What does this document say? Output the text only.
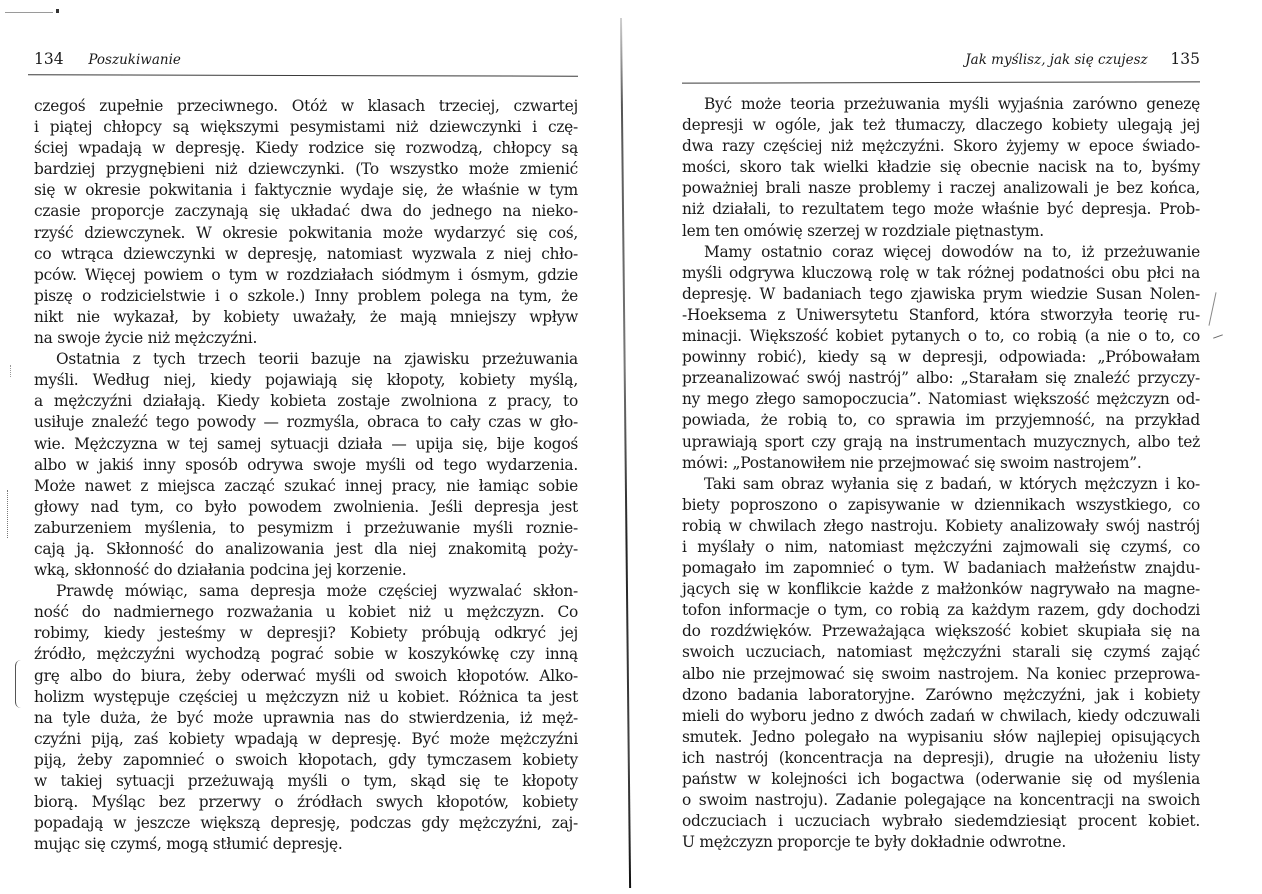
134 Poszukiwanie
czegoś zupełnie przeciwnego. Otóż w klasach trzeciej, czwartej
i piątej chłopcy są większymi pesymistami niż dziewczynki i czę-
ściej wpadają w depresję. Kiedy rodzice się rozwodzą, chłopcy są
bardziej przygnębieni niż dziewczynki. (To wszystko może zmienić
się w okresie pokwitania i faktycznie wydaje się, że właśnie w tym
czasie proporcje zaczynają się układać dwa do jednego na nieko-
rzyść dziewczynek. W okresie pokwitania może wydarzyć się coś,
co wtrąca dziewczynki w depresję, natomiast wyzwala z niej chło-
pców. Więcej powiem o tym w rozdziałach siódmym i ósmym, gdzie
piszę o rodzicielstwie i o szkole.) Inny problem polega na tym, że
nikt nie wykazał, by kobiety uważały, że mają mniejszy wpływ
na swoje życie niż mężczyźni.
Ostatnia z tych trzech teorii bazuje na zjawisku przeżuwania
myśli. Według niej, kiedy pojawiają się kłopoty, kobiety myślą,
a mężczyźni działają. Kiedy kobieta zostaje zwolniona z pracy, to
usiłuje znaleźć tego powody — rozmyśla, obraca to cały czas w gło-
wie. Mężczyzna w tej samej sytuacji działa — upija się, bije kogoś
albo w jakiś inny sposób odrywa swoje myśli od tego wydarzenia.
Może nawet z miejsca zacząć szukać innej pracy, nie łamiąc sobie
głowy nad tym, co było powodem zwolnienia. Jeśli depresja jest
zaburzeniem myślenia, to pesymizm i przeżuwanie myśli roznie-
cają ją. Skłonność do analizowania jest dla niej znakomitą poży-
wką, skłonność do działania podcina jej korzenie.
Prawdę mówiąc, sama depresja może częściej wyzwalać skłon-
ność do nadmiernego rozważania u kobiet niż u mężczyzn. Co
robimy, kiedy jesteśmy w depresji? Kobiety próbują odkryć jej
źródło, mężczyźni wychodzą pograć sobie w koszykówkę czy inną
grę albo do biura, żeby oderwać myśli od swoich kłopotów. Alko-
holizm występuje częściej u mężczyzn niż u kobiet. Różnica ta jest
na tyle duża, że być może uprawnia nas do stwierdzenia, iż męż-
czyźni piją, zaś kobiety wpadają w depresję. Być może mężczyźni
piją, żeby zapomnieć o swoich kłopotach, gdy tymczasem kobiety
w takiej sytuacji przeżuwają myśli o tym, skąd się te kłopoty
biorą. Myśląc bez przerwy o źródłach swych kłopotów, kobiety
popadają w jeszcze większą depresję, podczas gdy mężczyźni, zaj-
mując się czymś, mogą stłumić depresję.
Jak myślisz, jak się czujesz 135
Być może teoria przeżuwania myśli wyjaśnia zarówno genezę
depresji w ogóle, jak też tłumaczy, dlaczego kobiety ulegają jej
dwa razy częściej niż mężczyźni. Skoro żyjemy w epoce świado-
mości, skoro tak wielki kładzie się obecnie nacisk na to, byśmy
poważniej brali nasze problemy i raczej analizowali je bez końca,
niż działali, to rezultatem tego może właśnie być depresja. Prob-
lem ten omówię szerzej w rozdziale piętnastym.
Mamy ostatnio coraz więcej dowodów na to, iż przeżuwanie
myśli odgrywa kluczową rolę w tak różnej podatności obu płci na
depresję. W badaniach tego zjawiska prym wiedzie Susan Nolen-
-Hoeksema z Uniwersytetu Stanford, która stworzyła teorię ru-
minacji. Większość kobiet pytanych o to, co robią (a nie o to, co
powinny robić), kiedy są w depresji, odpowiada: „Próbowałam
przeanalizować swój nastrój” albo: „Starałam się znaleźć przyczy-
ny mego złego samopoczucia”. Natomiast większość mężczyzn od-
powiada, że robią to, co sprawia im przyjemność, na przykład
uprawiają sport czy grają na instrumentach muzycznych, albo też
mówi: „Postanowiłem nie przejmować się swoim nastrojem”.
Taki sam obraz wyłania się z badań, w których mężczyzn i ko-
biety poproszono o zapisywanie w dziennikach wszystkiego, co
robią w chwilach złego nastroju. Kobiety analizowały swój nastrój
i myślały o nim, natomiast mężczyźni zajmowali się czymś, co
pomagało im zapomnieć o tym. W badaniach małżeństw znajdu-
jących się w konflikcie każde z małżonków nagrywało na magne-
tofon informacje o tym, co robią za każdym razem, gdy dochodzi
do rozdźwięków. Przeważająca większość kobiet skupiała się na
swoich uczuciach, natomiast mężczyźni starali się czymś zająć
albo nie przejmować się swoim nastrojem. Na koniec przeprowa-
dzono badania laboratoryjne. Zarówno mężczyźni, jak i kobiety
mieli do wyboru jedno z dwóch zadań w chwilach, kiedy odczuwali
smutek. Jedno polegało na wypisaniu słów najlepiej opisujących
ich nastrój (koncentracja na depresji), drugie na ułożeniu listy
państw w kolejności ich bogactwa (oderwanie się od myślenia
o swoim nastroju). Zadanie polegające na koncentracji na swoich
odczuciach i uczuciach wybrało siedemdziesiąt procent kobiet.
U mężczyzn proporcje te były dokładnie odwrotne.
